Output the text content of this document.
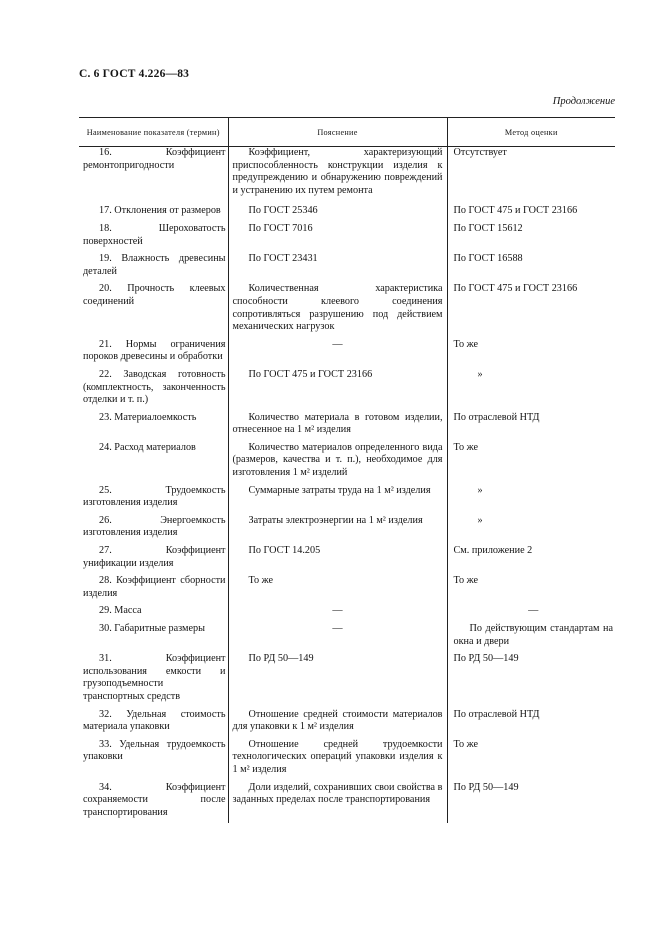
С. 6 ГОСТ 4.226—83
Продолжение
Наименование показателя (термин)	Пояснение	Метод оценки

16. Коэффициент ремонтопригодности	Коэффициент, характеризующий приспособленность конструкции изделия к предупреждению и обнаружению повреждений и устранению их путем ремонта	Отсутствует

17. Отклонения от размеров	По ГОСТ 25346	По ГОСТ 475 и ГОСТ 23166

18. Шероховатость поверхностей	По ГОСТ 7016	По ГОСТ 15612

19. Влажность древесины деталей	По ГОСТ 23431	По ГОСТ 16588

20. Прочность клеевых соединений	Количественная характеристика способности клеевого соединения сопротивляться разрушению под действием механических нагрузок	По ГОСТ 475 и ГОСТ 23166

21. Нормы ограничения пороков древесины и обработки	—	То же

22. Заводская готовность (комплектность, законченность отделки и т. п.)	По ГОСТ 475 и ГОСТ 23166	»

23. Материалоемкость	Количество материала в готовом изделии, отнесенное на 1 м² изделия	По отраслевой НТД

24. Расход материалов	Количество материалов определенного вида (размеров, качества и т. п.), необходимое для изготовления 1 м² изделий	То же

25. Трудоемкость изготовления изделия	Суммарные затраты труда на 1 м² изделия	»

26. Энергоемкость изготовления изделия	Затраты электроэнергии на 1 м² изделия	»

27. Коэффициент унификации изделия	По ГОСТ 14.205	См. приложение 2

28. Коэффициент сборности изделия	То же	То же

29. Масса	—	—

30. Габаритные размеры	—	По действующим стандартам на окна и двери

31. Коэффициент использования емкости и грузоподъемности транспортных средств	По РД 50—149	По РД 50—149

32. Удельная стоимость материала упаковки	Отношение средней стоимости материалов для упаковки к 1 м² изделия	По отраслевой НТД

33. Удельная трудоемкость упаковки	Отношение средней трудоемкости технологических операций упаковки изделия к 1 м² изделия	То же

34. Коэффициент сохраняемости после транспортирования	Доли изделий, сохранивших свои свойства в заданных пределах после транспортирования	По РД 50—149
